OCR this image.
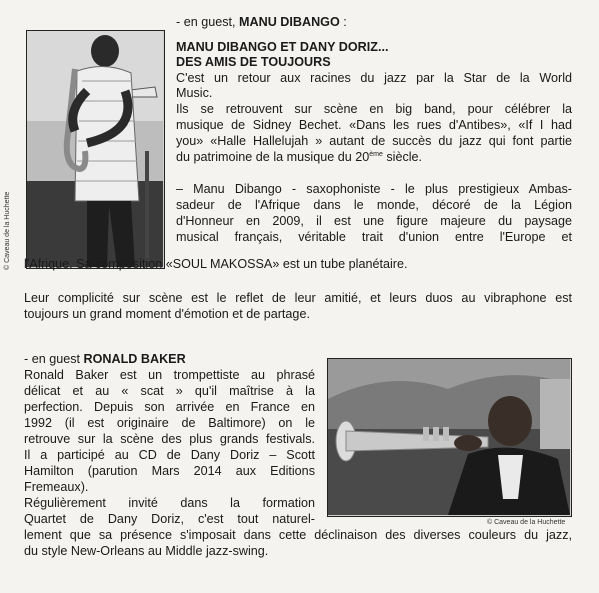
© Caveau de la Huchette
- en guest, MANU DIBANGO :
MANU DIBANGO ET DANY DORIZ...
DES AMIS DE TOUJOURS
C'est un retour aux racines du jazz par la Star de la World
Music.
Ils se retrouvent sur scène en big band, pour célébrer la
musique de Sidney Bechet. «Dans les rues d'Antibes», «If I had
you» «Halle Hallelujah » autant de succès du jazz qui font partie
du patrimoine de la musique du 20ème siècle.
– Manu Dibango - saxophoniste - le plus prestigieux Ambas-
sadeur de l'Afrique dans le monde, décoré de la Légion
d'Honneur en 2009, il est une figure majeure du paysage
musical français, véritable trait d'union entre l'Europe et
l'Afrique. Sa composition «SOUL MAKOSSA» est un tube planétaire.
Leur complicité sur scène est le reflet de leur amitié, et leurs duos au vibraphone est
toujours un grand moment d'émotion et de partage.
- en guest RONALD BAKER
Ronald Baker est un trompettiste au phrasé
délicat et au « scat » qu'il maîtrise à la
perfection. Depuis son arrivée en France en
1992 (il est originaire de Baltimore) on le
retrouve sur la scène des plus grands festivals.
Il a participé au CD de Dany Doriz – Scott
Hamilton (parution Mars 2014 aux Editions
Fremeaux).
Régulièrement invité dans la formation
Quartet de Dany Doriz, c'est tout naturel-
lement que sa présence s'imposait dans cette déclinaison des diverses couleurs du jazz,
du style New-Orleans au Middle jazz-swing.
© Caveau de la Huchette
